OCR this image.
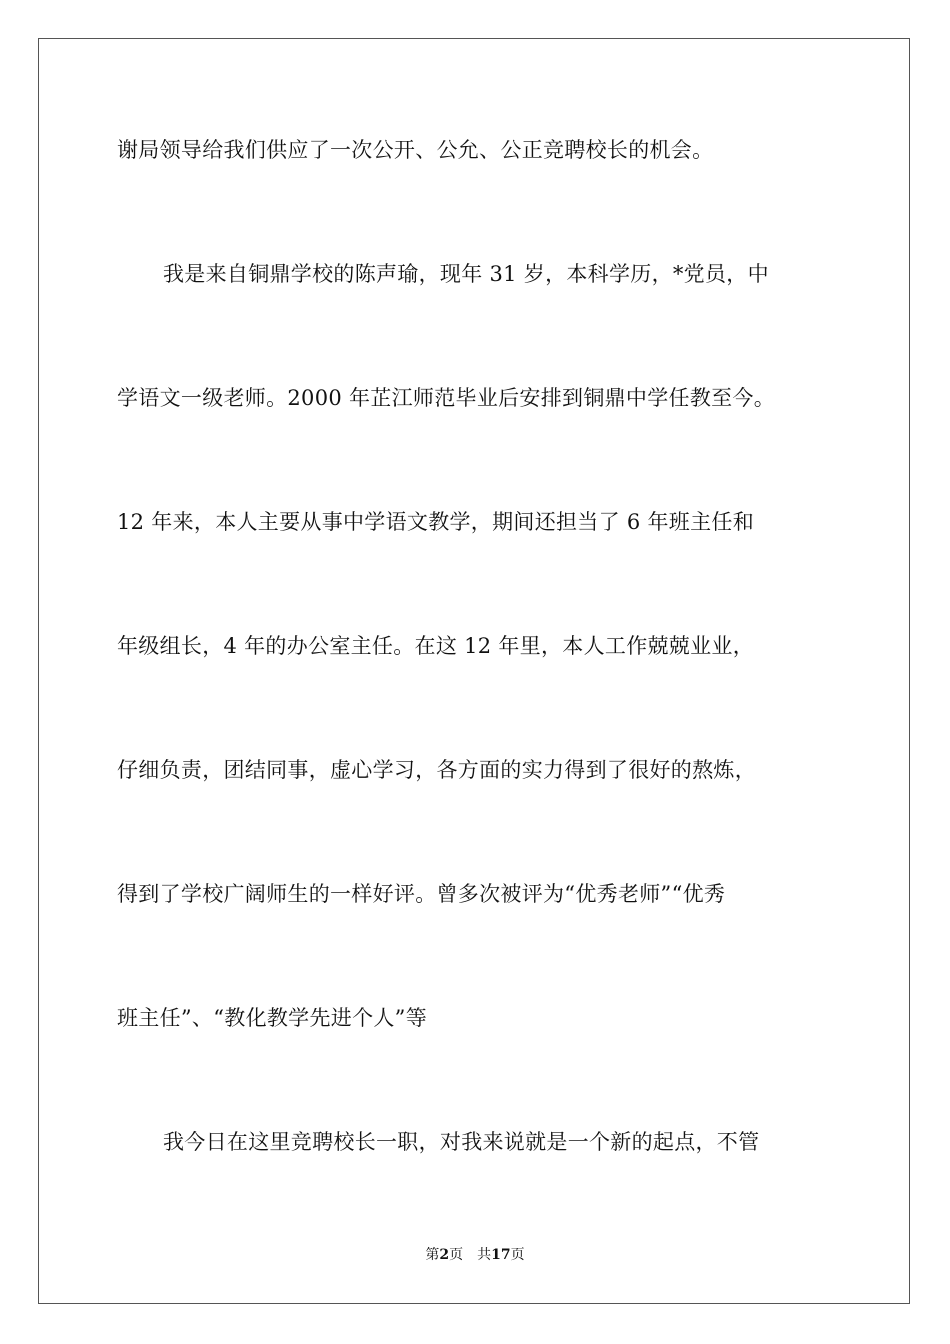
谢局领导给我们供应了一次公开、公允、公正竞聘校长的机会。
我是来自铜鼎学校的陈声瑜，现年 31 岁，本科学历，*党员，中
学语文一级老师。2000 年芷江师范毕业后安排到铜鼎中学任教至今。
12 年来，本人主要从事中学语文教学，期间还担当了 6 年班主任和
年级组长，4 年的办公室主任。在这 12 年里，本人工作兢兢业业，
仔细负责，团结同事，虚心学习，各方面的实力得到了很好的熬炼，
得到了学校广阔师生的一样好评。曾多次被评为“优秀老师”“优秀
班主任”、“教化教学先进个人”等
我今日在这里竞聘校长一职，对我来说就是一个新的起点，不管
第2页 共17页
